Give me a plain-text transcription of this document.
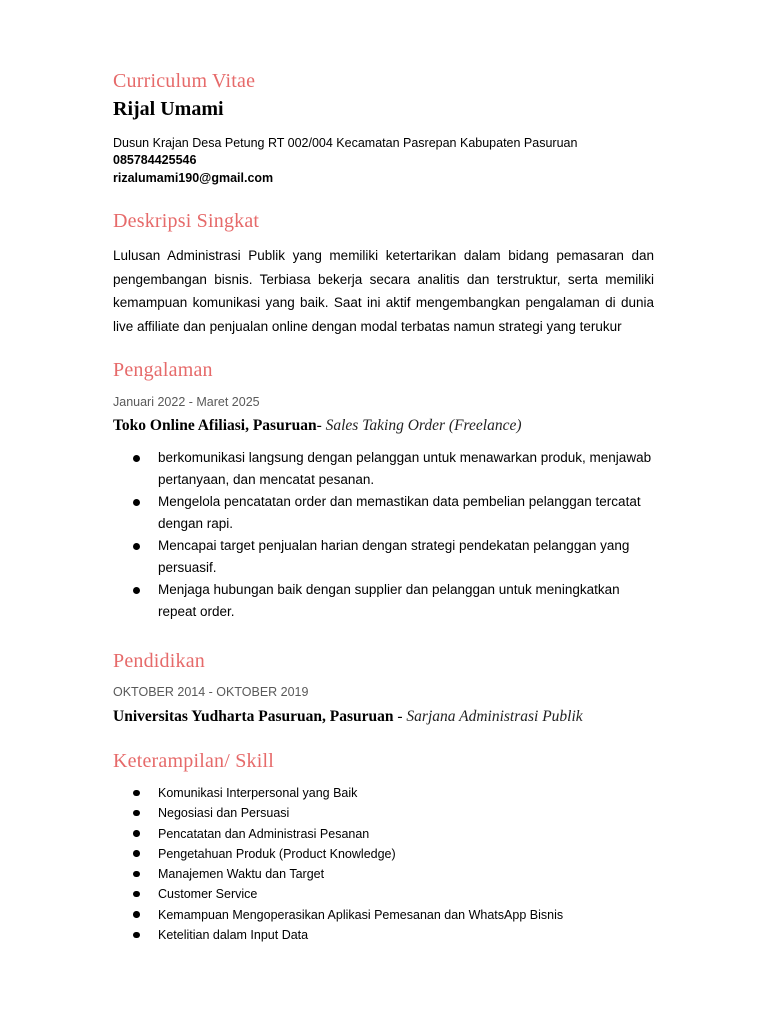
Curriculum Vitae
Rijal Umami
Dusun Krajan Desa Petung RT 002/004 Kecamatan Pasrepan Kabupaten Pasuruan
085784425546
rizalumami190@gmail.com
Deskripsi Singkat

Lulusan Administrasi Publik yang memiliki ketertarikan dalam bidang pemasaran dan pengembangan bisnis. Terbiasa bekerja secara analitis dan terstruktur, serta memiliki kemampuan komunikasi yang baik. Saat ini aktif mengembangkan pengalaman di dunia live affiliate dan penjualan online dengan modal terbatas namun strategi yang terukur

Pengalaman
Januari 2022 - Maret 2025

Toko Online Afiliasi, Pasuruan- Sales Taking Order (Freelance)

berkomunikasi langsung dengan pelanggan untuk menawarkan produk, menjawab pertanyaan, dan mencatat pesanan.
Mengelola pencatatan order dan memastikan data pembelian pelanggan tercatat dengan rapi.
Mencapai target penjualan harian dengan strategi pendekatan pelanggan yang persuasif.
Menjaga hubungan baik dengan supplier dan pelanggan untuk meningkatkan repeat order.
Pendidikan
OKTOBER 2014 - OKTOBER 2019

Universitas Yudharta Pasuruan, Pasuruan - Sarjana Administrasi Publik

Keterampilan/ Skill
Komunikasi Interpersonal yang Baik
Negosiasi dan Persuasi
Pencatatan dan Administrasi Pesanan
Pengetahuan Produk (Product Knowledge)
Manajemen Waktu dan Target
Customer Service
Kemampuan Mengoperasikan Aplikasi Pemesanan dan WhatsApp Bisnis
Ketelitian dalam Input Data
